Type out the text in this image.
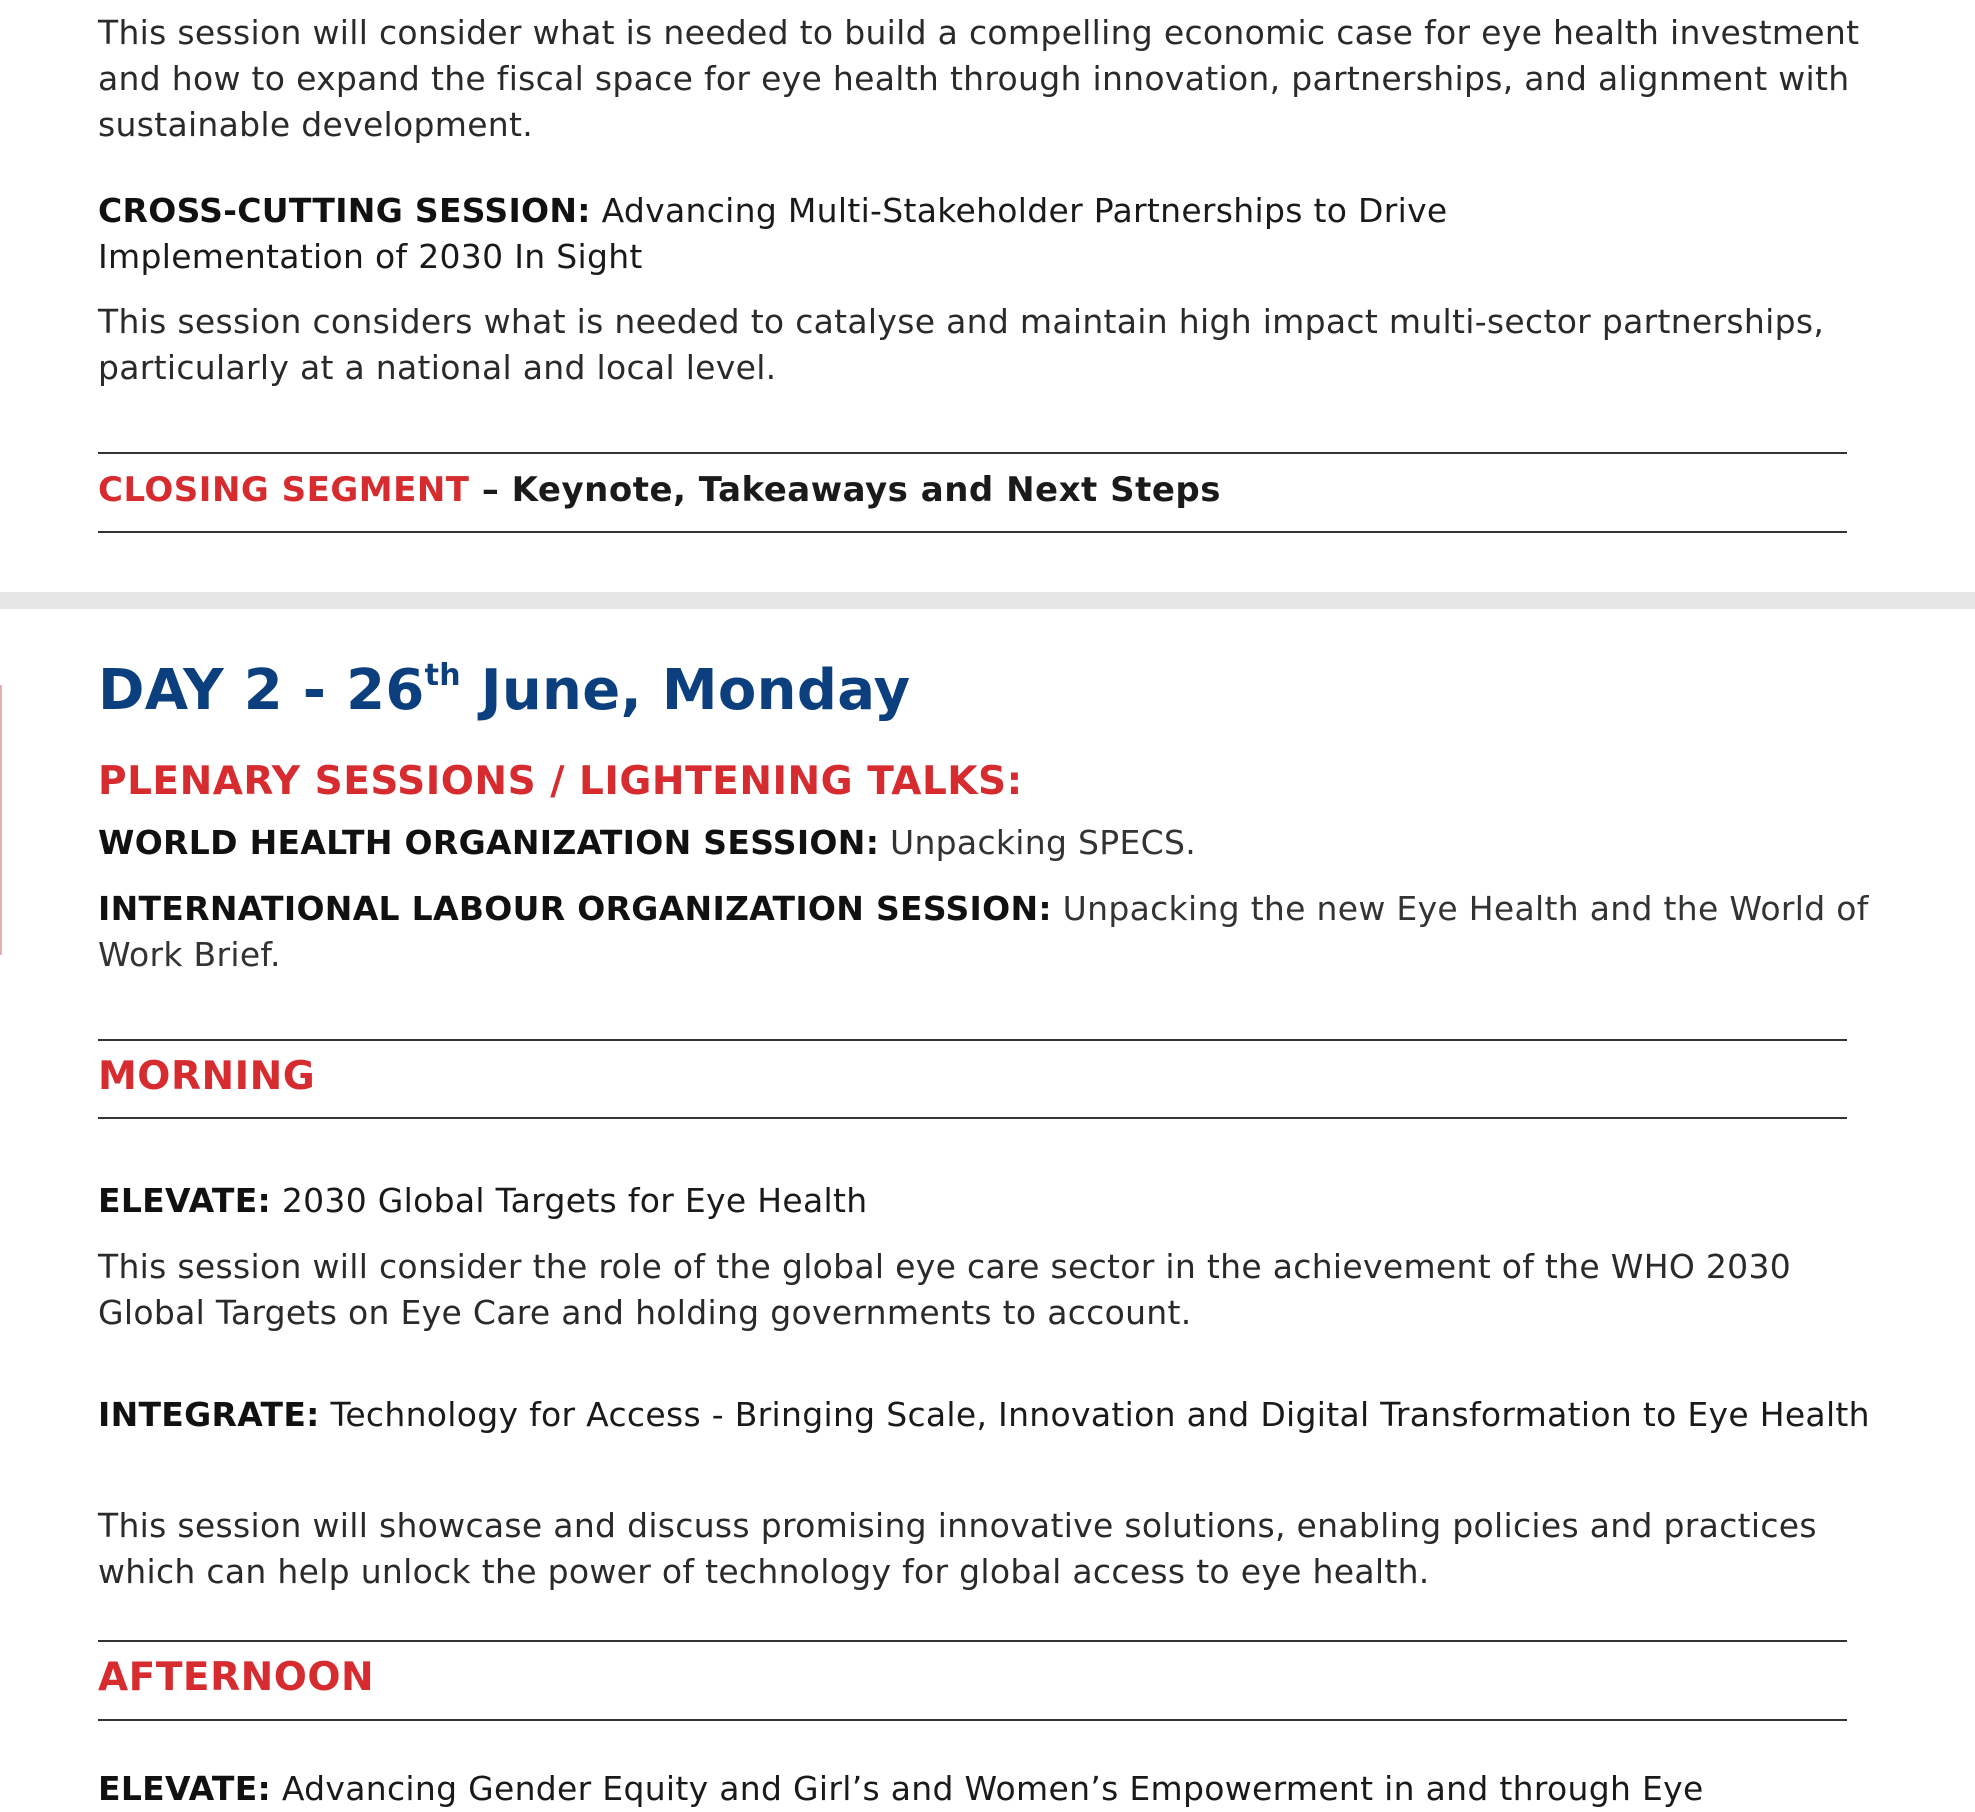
This session will consider what is needed to build a compelling economic case for eye health investment and how to expand the fiscal space for eye health through innovation, partnerships, and alignment with sustainable development.

CROSS-CUTTING SESSION: Advancing Multi-Stakeholder Partnerships to Drive Implementation of 2030 In Sight

This session considers what is needed to catalyse and maintain high impact multi-sector partnerships, particularly at a national and local level.

CLOSING SEGMENT – Keynote, Takeaways and Next Steps

DAY 2 - 26th June, Monday
PLENARY SESSIONS / LIGHTENING TALKS:

WORLD HEALTH ORGANIZATION SESSION: Unpacking SPECS.

INTERNATIONAL LABOUR ORGANIZATION SESSION: Unpacking the new Eye Health and the World of Work Brief.

MORNING

ELEVATE: 2030 Global Targets for Eye Health

This session will consider the role of the global eye care sector in the achievement of the WHO 2030 Global Targets on Eye Care and holding governments to account.

INTEGRATE: Technology for Access - Bringing Scale, Innovation and Digital Transformation to Eye Health

This session will showcase and discuss promising innovative solutions, enabling policies and practices which can help unlock the power of technology for global access to eye health.

AFTERNOON

ELEVATE: Advancing Gender Equity and Girl’s and Women’s Empowerment in and through Eye
